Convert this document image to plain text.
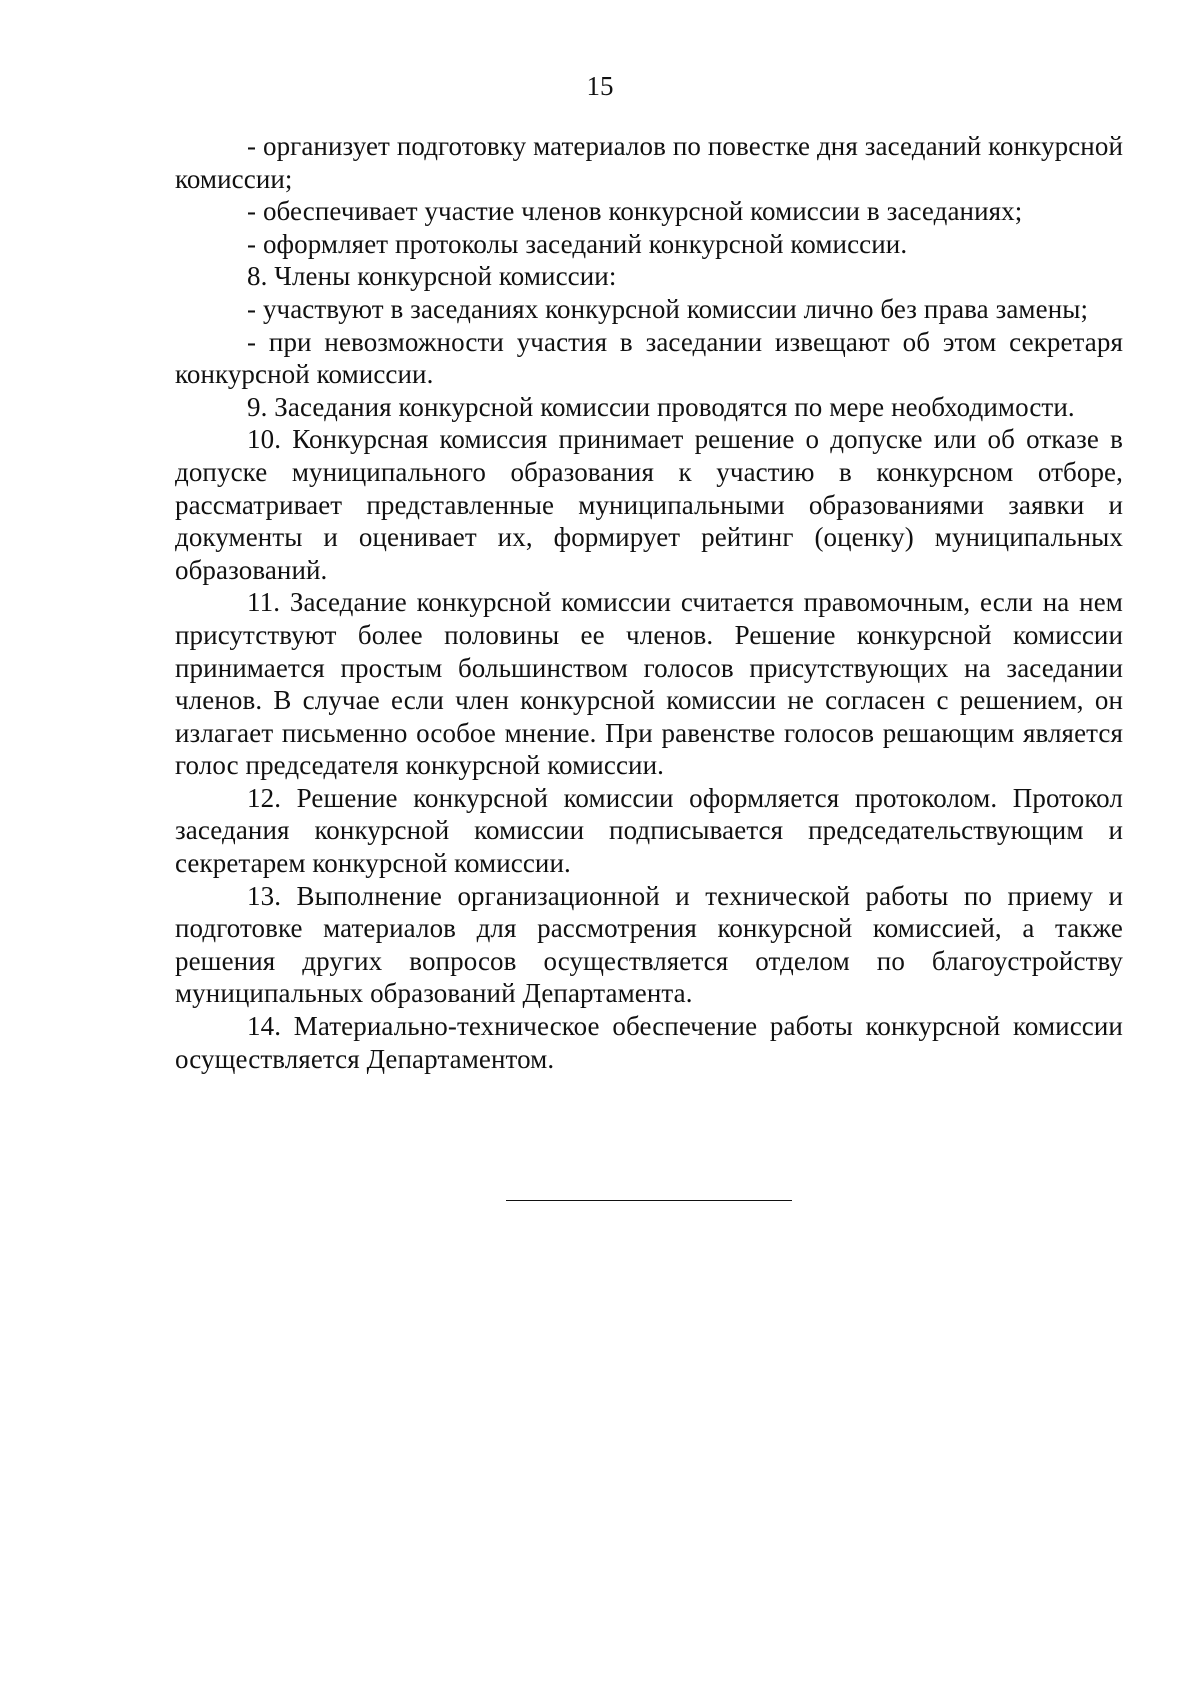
15

- организует подготовку материалов по повестке дня заседаний конкурсной комиссии;

- обеспечивает участие членов конкурсной комиссии в заседаниях;

- оформляет протоколы заседаний конкурсной комиссии.

8. Члены конкурсной комиссии:

- участвуют в заседаниях конкурсной комиссии лично без права замены;

- при невозможности участия в заседании извещают об этом секретаря конкурсной комиссии.

9. Заседания конкурсной комиссии проводятся по мере необходимости.

10. Конкурсная комиссия принимает решение о допуске или об отказе в допуске муниципального образования к участию в конкурсном отборе, рассматривает представленные муниципальными образованиями заявки и документы и оценивает их, формирует рейтинг (оценку) муниципальных образований.

11. Заседание конкурсной комиссии считается правомочным, если на нем присутствуют более половины ее членов. Решение конкурсной комиссии принимается простым большинством голосов присутствующих на заседании членов. В случае если член конкурсной комиссии не согласен с решением, он излагает письменно особое мнение. При равенстве голосов решающим является голос председателя конкурсной комиссии.

12. Решение конкурсной комиссии оформляется протоколом. Протокол заседания конкурсной комиссии подписывается председательствующим и секретарем конкурсной комиссии.

13. Выполнение организационной и технической работы по приему и подготовке материалов для рассмотрения конкурсной комиссией, а также решения других вопросов осуществляется отделом по благоустройству муниципальных образований Департамента.

14. Материально-техническое обеспечение работы конкурсной комиссии осуществляется Департаментом.
